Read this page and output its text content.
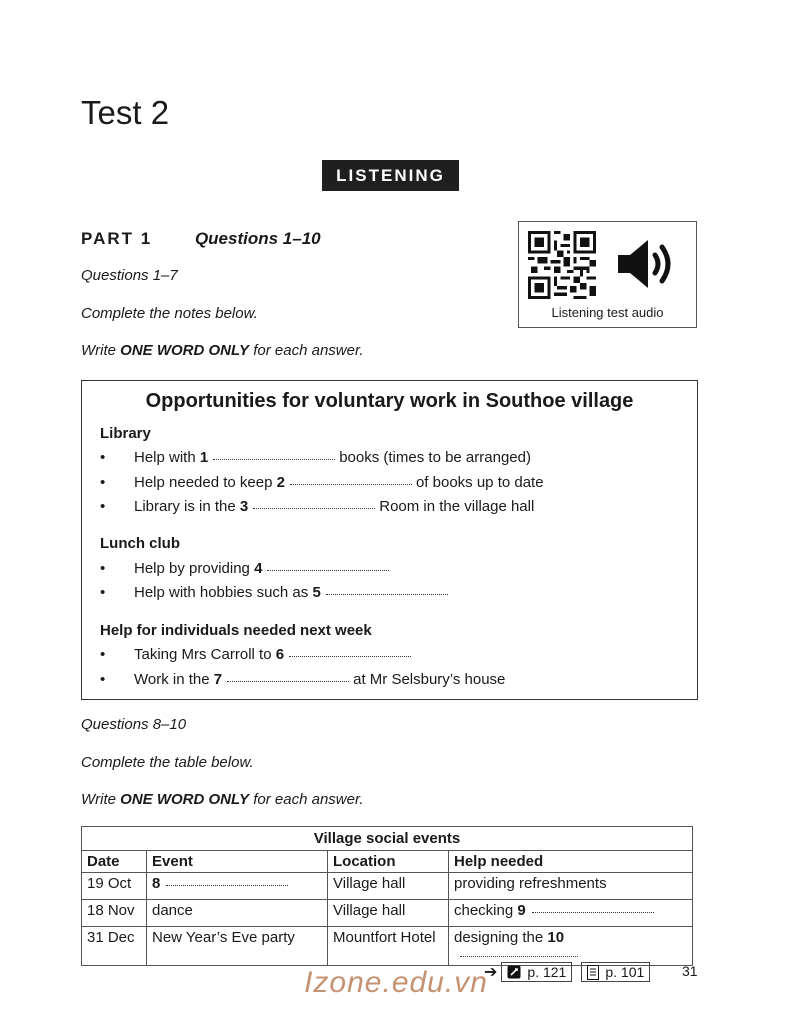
Test 2
LISTENING
PART 1	Questions 1–10
Questions 1–7
Complete the notes below.
Write ONE WORD ONLY for each answer.
Listening test audio
Opportunities for voluntary work in Southoe village
Library
• Help with 1	books (times to be arranged)
• Help needed to keep 2	of books up to date
• Library is in the 3	Room in the village hall
Lunch club
• Help by providing 4
• Help with hobbies such as 5
Help for individuals needed next week
• Taking Mrs Carroll to 6
• Work in the 7	at Mr Selsbury’s house
Questions 8–10
Complete the table below.
Write ONE WORD ONLY for each answer.
Village social events			
Date	Event	Location	Help needed
19 Oct	8	Village hall	providing refreshments
18 Nov	dance	Village hall	checking 9
31 Dec	New Year’s Eve party	Mountfort Hotel	designing the 10
➔ p. 121	p. 101	31
Izone.edu.vn
